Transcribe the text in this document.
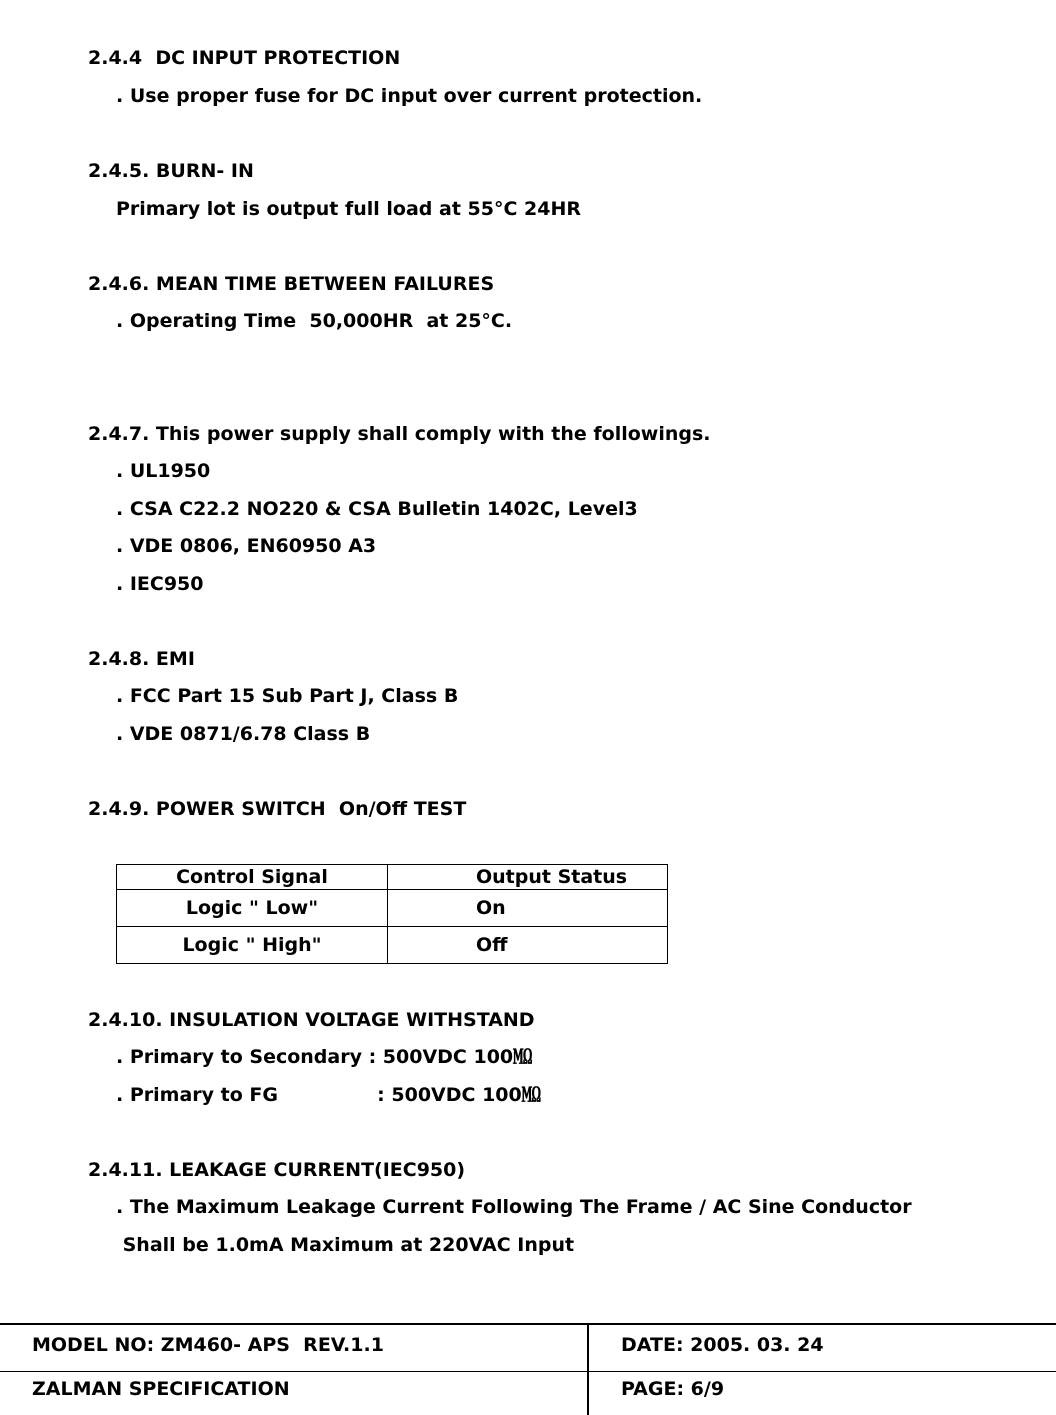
2.4.4  DC INPUT PROTECTION
. Use proper fuse for DC input over current protection.
2.4.5. BURN- IN
Primary lot is output full load at 55°C 24HR
2.4.6. MEAN TIME BETWEEN FAILURES
. Operating Time  50,000HR  at 25°C.
2.4.7. This power supply shall comply with the followings.
. UL1950
. CSA C22.2 NO220 & CSA Bulletin 1402C, Level3
. VDE 0806, EN60950 A3
. IEC950
2.4.8. EMI
. FCC Part 15 Sub Part J, Class B
. VDE 0871/6.78 Class B
2.4.9. POWER SWITCH  On/Off TEST
Control Signal	Output Status
Logic " Low"	On
Logic " High"	Off
2.4.10. INSULATION VOLTAGE WITHSTAND
. Primary to Secondary : 500VDC 100㏁
. Primary to FG               : 500VDC 100㏁
2.4.11. LEAKAGE CURRENT(IEC950)
. The Maximum Leakage Current Following The Frame / AC Sine Conductor
Shall be 1.0mA Maximum at 220VAC Input
MODEL NO: ZM460- APS  REV.1.1	DATE: 2005. 03. 24
ZALMAN SPECIFICATION	PAGE: 6/9
